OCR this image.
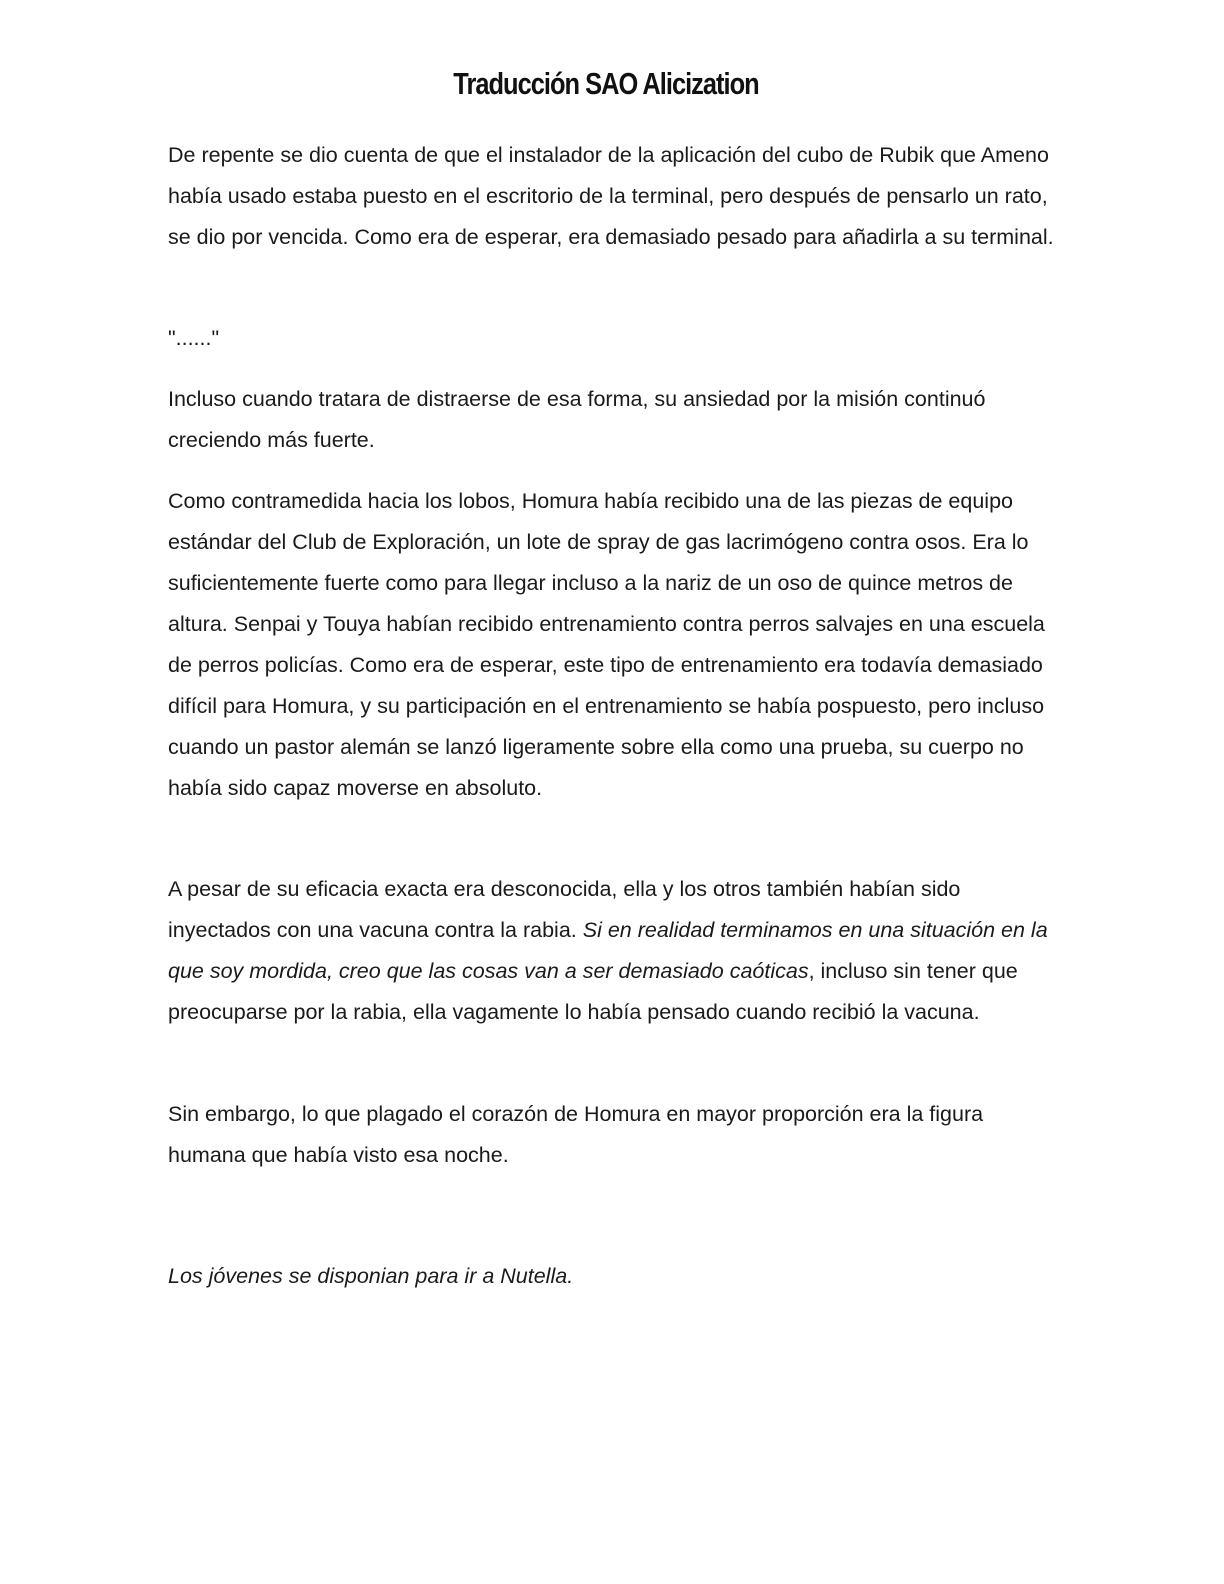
Traducción SAO Alicization

De repente se dio cuenta de que el instalador de la aplicación del cubo de Rubik que Ameno había usado estaba puesto en el escritorio de la terminal, pero después de pensarlo un rato, se dio por vencida. Como era de esperar, era demasiado pesado para añadirla a su terminal.

"......"

Incluso cuando tratara de distraerse de esa forma, su ansiedad por la misión continuó creciendo más fuerte.

Como contramedida hacia los lobos, Homura había recibido una de las piezas de equipo estándar del Club de Exploración, un lote de spray de gas lacrimógeno contra osos. Era lo suficientemente fuerte como para llegar incluso a la nariz de un oso de quince metros de altura. Senpai y Touya habían recibido entrenamiento contra perros salvajes en una escuela de perros policías. Como era de esperar, este tipo de entrenamiento era todavía demasiado difícil para Homura, y su participación en el entrenamiento se había pospuesto, pero incluso cuando un pastor alemán se lanzó ligeramente sobre ella como una prueba, su cuerpo no había sido capaz moverse en absoluto.

A pesar de su eficacia exacta era desconocida, ella y los otros también habían sido inyectados con una vacuna contra la rabia. Si en realidad terminamos en una situación en la que soy mordida, creo que las cosas van a ser demasiado caóticas, incluso sin tener que preocuparse por la rabia, ella vagamente lo había pensado cuando recibió la vacuna.

Sin embargo, lo que plagado el corazón de Homura en mayor proporción era la figura humana que había visto esa noche.

Los jóvenes se disponian para ir a Nutella.
